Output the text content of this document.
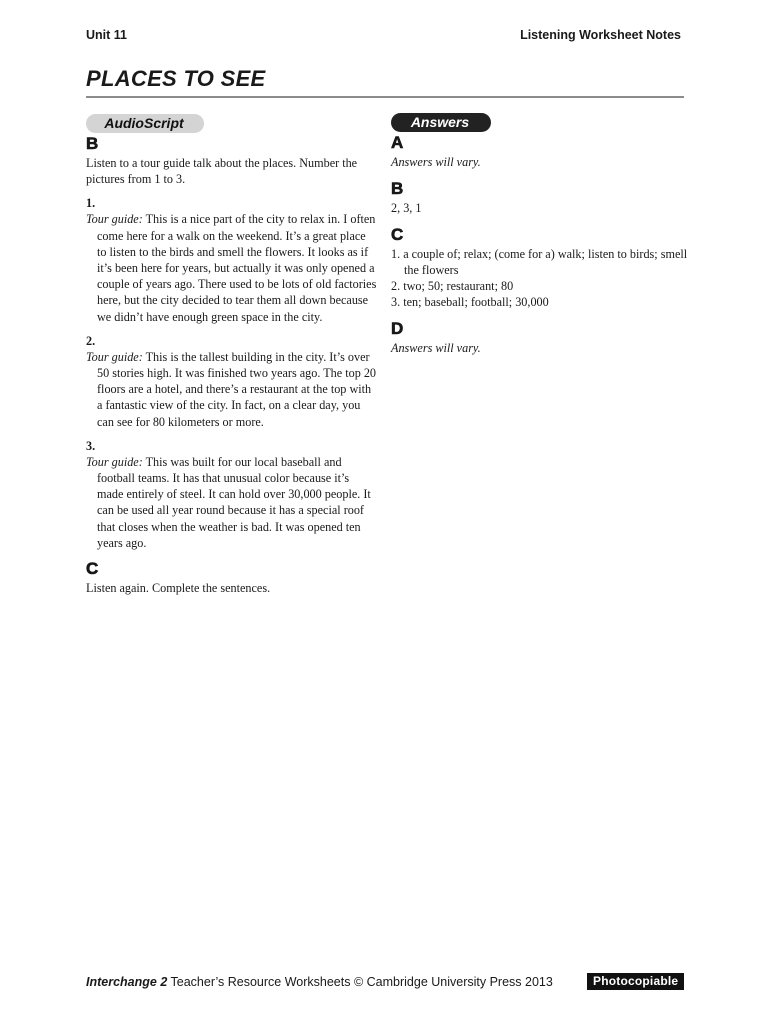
Unit 11	Listening Worksheet Notes
PLACES TO SEE
AudioScript
B

Listen to a tour guide talk about the places. Number the pictures from 1 to 3.

1.
Tour guide: This is a nice part of the city to relax in. I often come here for a walk on the weekend. It’s a great place to listen to the birds and smell the flowers. It looks as if it’s been here for years, but actually it was only opened a couple of years ago. There used to be lots of old factories here, but the city decided to tear them all down because we didn’t have enough green space in the city.
2.
Tour guide: This is the tallest building in the city. It’s over 50 stories high. It was finished two years ago. The top 20 floors are a hotel, and there’s a restaurant at the top with a fantastic view of the city. In fact, on a clear day, you can see for 80 kilometers or more.
3.
Tour guide: This was built for our local baseball and football teams. It has that unusual color because it’s made entirely of steel. It can hold over 30,000 people. It can be used all year round because it has a special roof that closes when the weather is bad. It was opened ten years ago.
C

Listen again. Complete the sentences.

Answers
A
Answers will vary.
B
2, 3, 1
C
1. a couple of; relax; (come for a) walk; listen to birds; smell the flowers
2. two; 50; restaurant; 80
3. ten; baseball; football; 30,000
D
Answers will vary.
Interchange 2 Teacher’s Resource Worksheets © Cambridge University Press 2013	Photocopiable
